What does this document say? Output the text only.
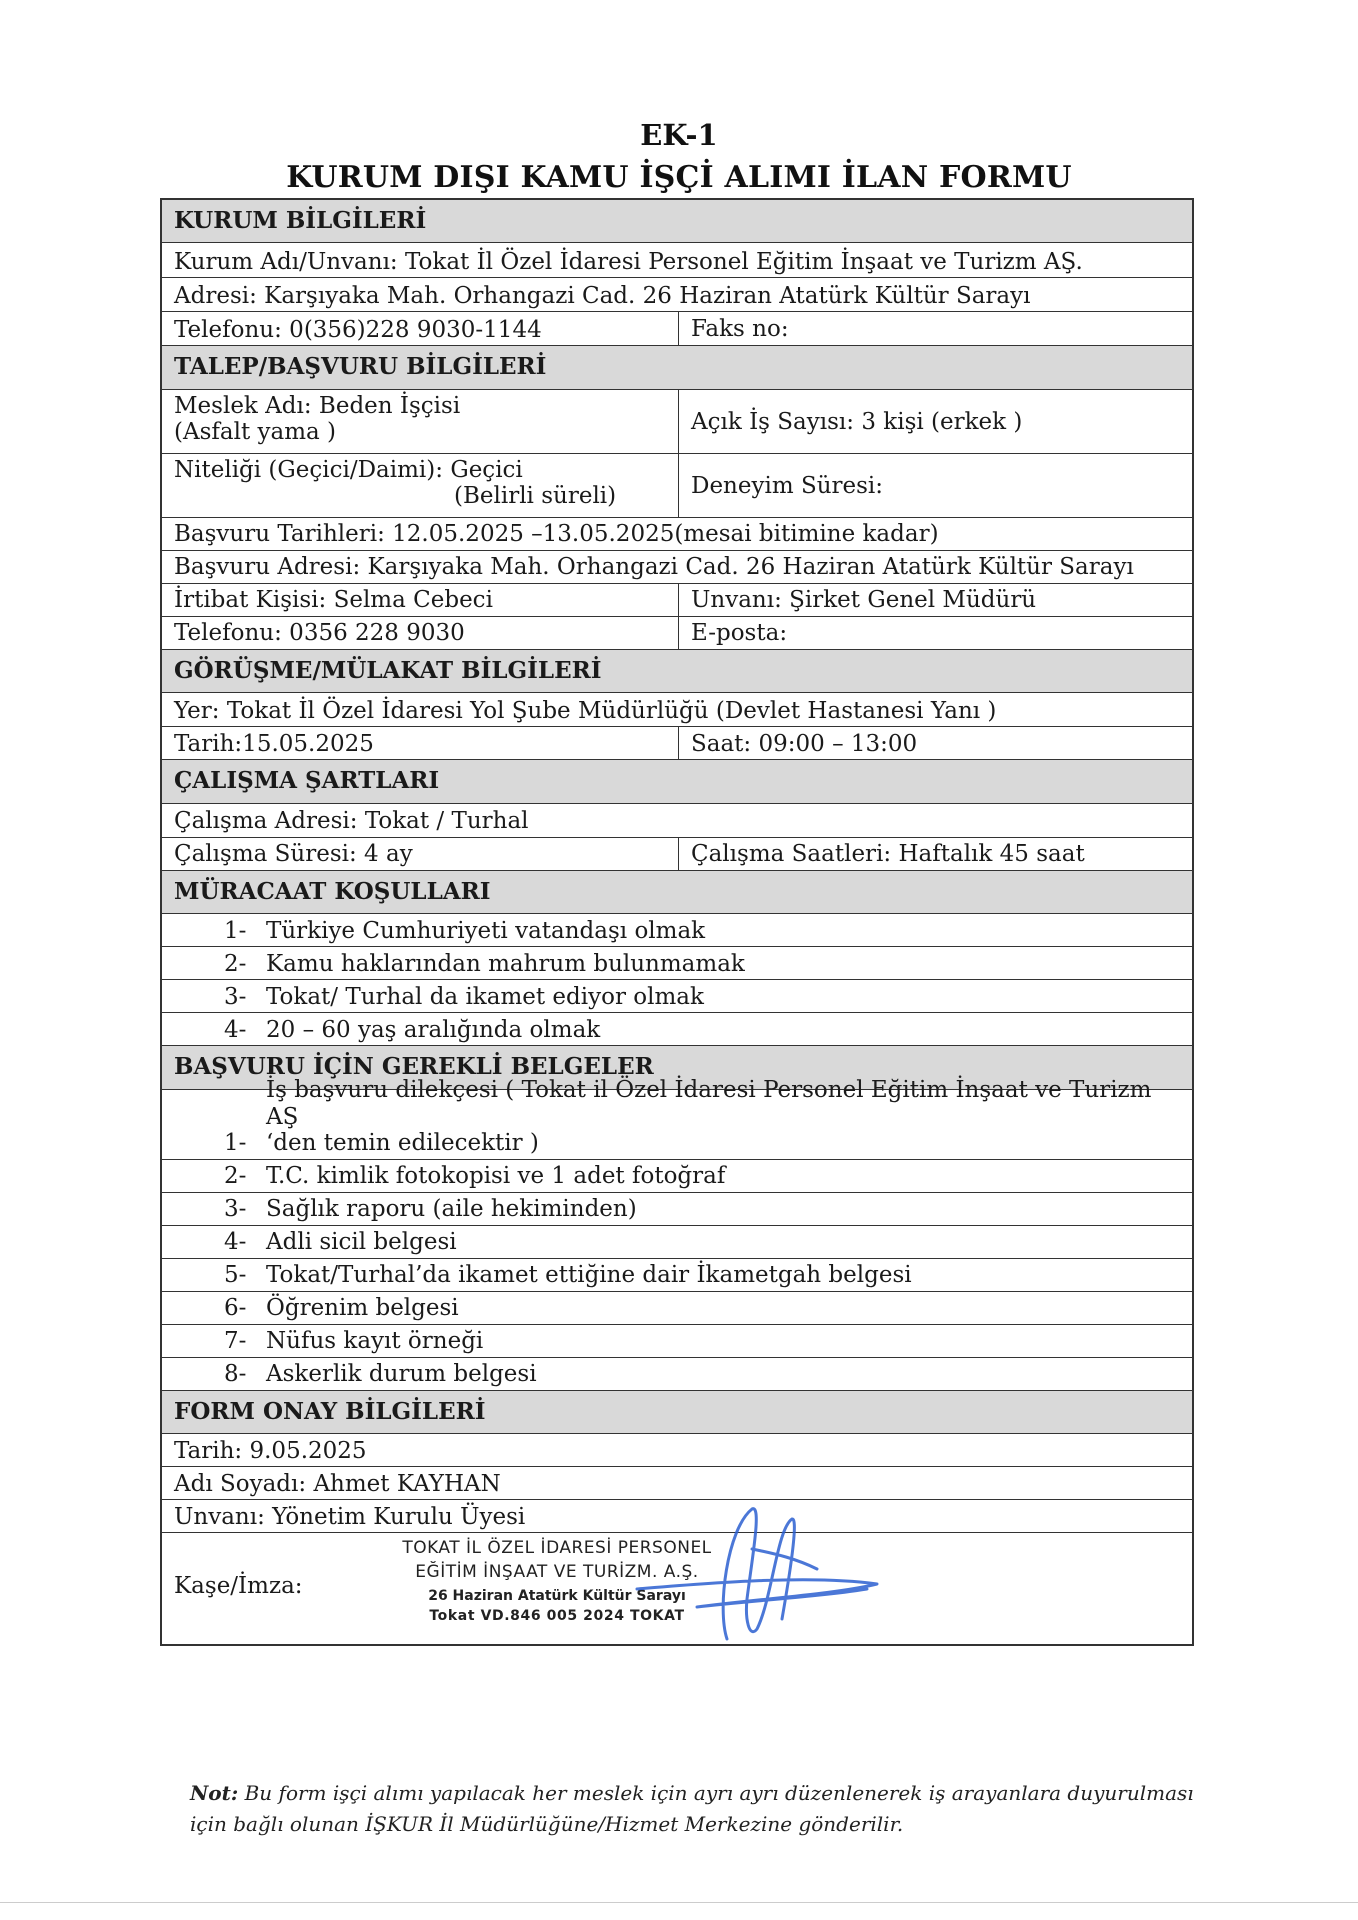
EK-1
KURUM DIŞI KAMU İŞÇİ ALIMI İLAN FORMU
KURUM BİLGİLERİ
Kurum Adı/Unvanı: Tokat İl Özel İdaresi Personel Eğitim İnşaat ve Turizm AŞ.
Adresi: Karşıyaka Mah. Orhangazi Cad. 26 Haziran Atatürk Kültür Sarayı
Telefonu: 0(356)228 9030-1144	Faks no:
TALEP/BAŞVURU BİLGİLERİ
Meslek Adı: Beden İşçisi
(Asfalt yama )	Açık İş Sayısı: 3 kişi (erkek )
Niteliği (Geçici/Daimi): Geçici
(Belirli süreli)	Deneyim Süresi:
Başvuru Tarihleri: 12.05.2025 –13.05.2025(mesai bitimine kadar)
Başvuru Adresi: Karşıyaka Mah. Orhangazi Cad. 26 Haziran Atatürk Kültür Sarayı
İrtibat Kişisi: Selma Cebeci	Unvanı: Şirket Genel Müdürü
Telefonu: 0356 228 9030	E-posta:
GÖRÜŞME/MÜLAKAT BİLGİLERİ
Yer: Tokat İl Özel İdaresi Yol Şube Müdürlüğü (Devlet Hastanesi Yanı )
Tarih:15.05.2025	Saat: 09:00 – 13:00
ÇALIŞMA ŞARTLARI
Çalışma Adresi: Tokat / Turhal
Çalışma Süresi: 4 ay	Çalışma Saatleri: Haftalık 45 saat
MÜRACAAT KOŞULLARI
1- Türkiye Cumhuriyeti vatandaşı olmak
2- Kamu haklarından mahrum bulunmamak
3- Tokat/ Turhal da ikamet ediyor olmak
4- 20 – 60 yaş aralığında olmak
BAŞVURU İÇİN GEREKLİ BELGELER
1-
İş başvuru dilekçesi ( Tokat il Özel İdaresi Personel Eğitim İnşaat ve Turizm AŞ
‘den temin edilecektir )
2- T.C. kimlik fotokopisi ve 1 adet fotoğraf
3- Sağlık raporu (aile hekiminden)
4- Adli sicil belgesi
5- Tokat/Turhal’da ikamet ettiğine dair İkametgah belgesi
6- Öğrenim belgesi
7- Nüfus kayıt örneği
8- Askerlik durum belgesi
FORM ONAY BİLGİLERİ
Tarih: 9.05.2025
Adı Soyadı: Ahmet KAYHAN
Unvanı: Yönetim Kurulu Üyesi
Kaşe/İmza:
TOKAT İL ÖZEL İDARESİ PERSONEL
EĞİTİM İNŞAAT VE TURİZM. A.Ş.
26 Haziran Atatürk Kültür Sarayı
Tokat VD.846 005 2024 TOKAT
Not: Bu form işçi alımı yapılacak her meslek için ayrı ayrı düzenlenerek iş arayanlara duyurulması için bağlı olunan İŞKUR İl Müdürlüğüne/Hizmet Merkezine gönderilir.
